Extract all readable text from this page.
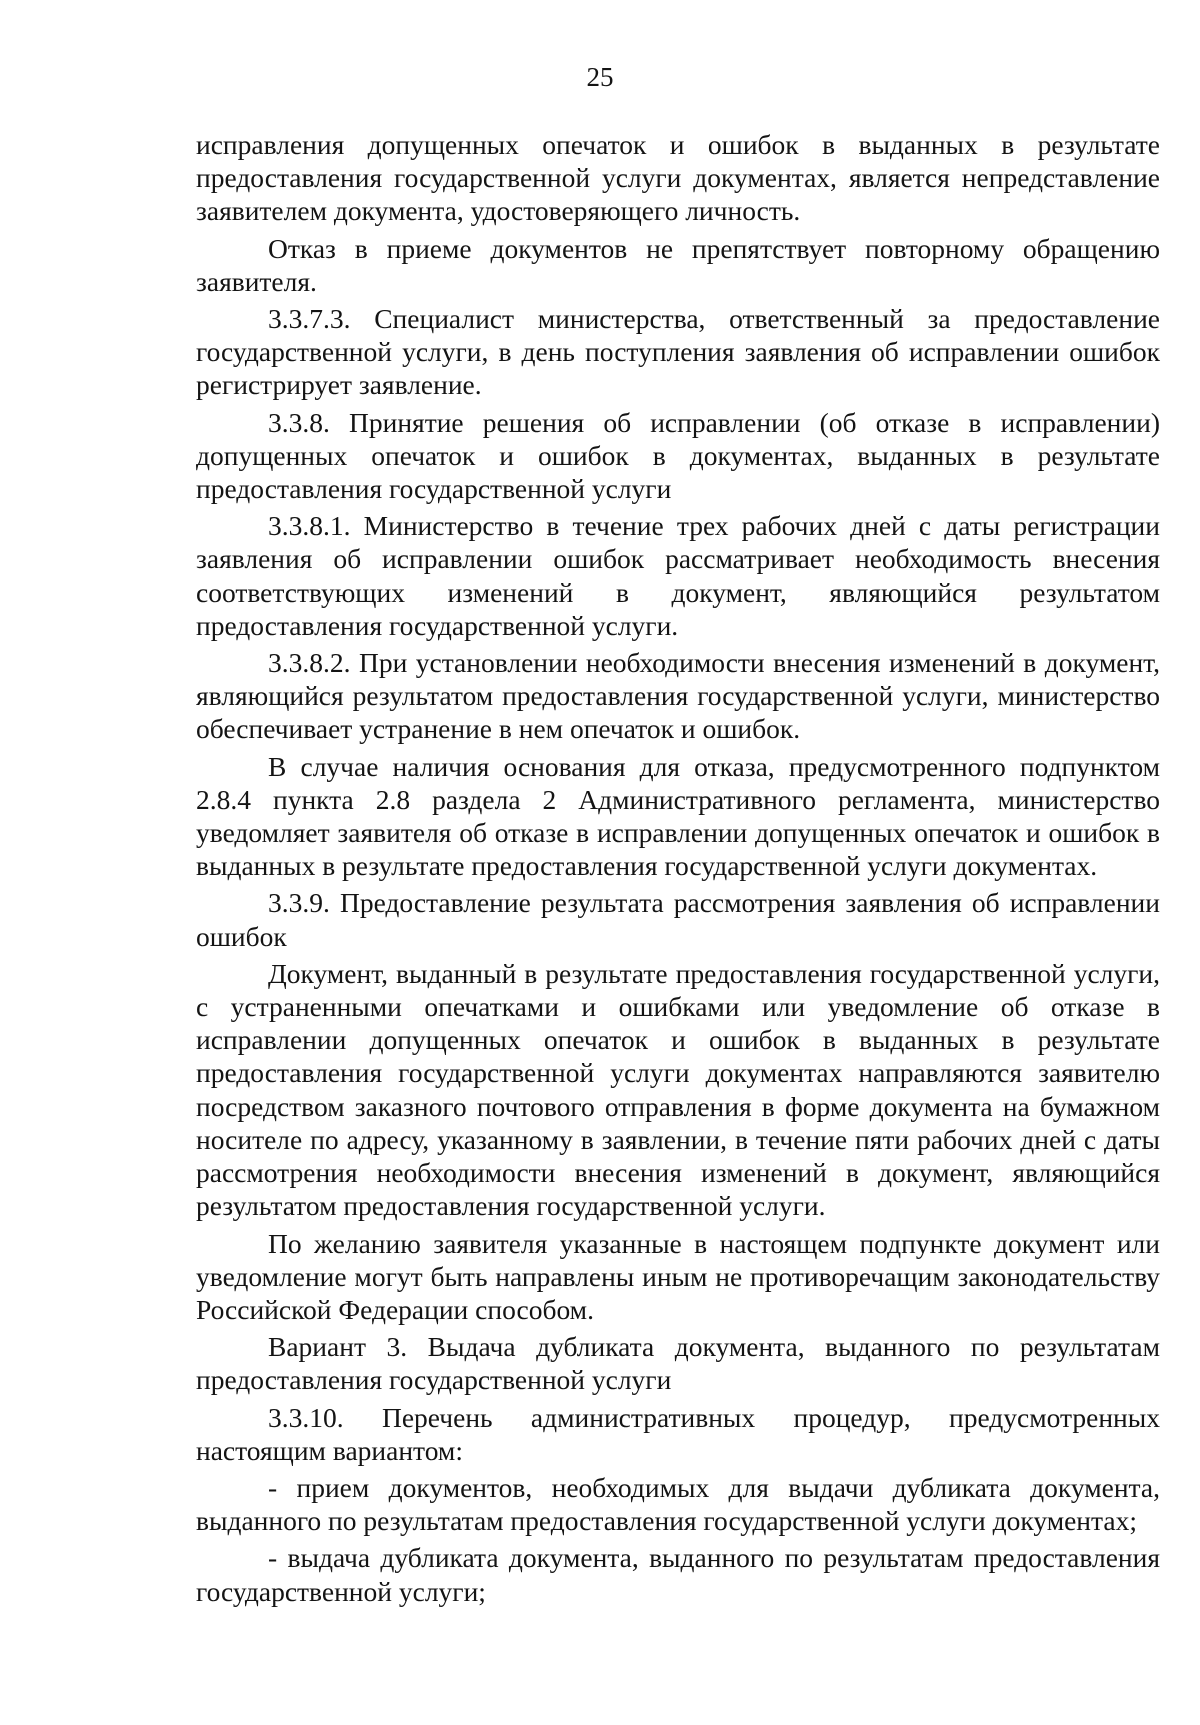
25

исправления допущенных опечаток и ошибок в выданных в результате предоставления государственной услуги документах, является непредставление заявителем документа, удостоверяющего личность.

Отказ в приеме документов не препятствует повторному обращению заявителя.

3.3.7.3. Специалист министерства, ответственный за предоставление государственной услуги, в день поступления заявления об исправлении ошибок регистрирует заявление.

3.3.8. Принятие решения об исправлении (об отказе в исправлении) допущенных опечаток и ошибок в документах, выданных в результате предоставления государственной услуги

3.3.8.1. Министерство в течение трех рабочих дней с даты регистрации заявления об исправлении ошибок рассматривает необходимость внесения соответствующих изменений в документ, являющийся результатом предоставления государственной услуги.

3.3.8.2. При установлении необходимости внесения изменений в документ, являющийся результатом предоставления государственной услуги, министерство обеспечивает устранение в нем опечаток и ошибок.

В случае наличия основания для отказа, предусмотренного подпунктом 2.8.4 пункта 2.8 раздела 2 Административного регламента, министерство уведомляет заявителя об отказе в исправлении допущенных опечаток и ошибок в выданных в результате предоставления государственной услуги документах.

3.3.9. Предоставление результата рассмотрения заявления об исправлении ошибок

Документ, выданный в результате предоставления государственной услуги, с устраненными опечатками и ошибками или уведомление об отказе в исправлении допущенных опечаток и ошибок в выданных в результате предоставления государственной услуги документах направляются заявителю посредством заказного почтового отправления в форме документа на бумажном носителе по адресу, указанному в заявлении, в течение пяти рабочих дней с даты рассмотрения необходимости внесения изменений в документ, являющийся результатом предоставления государственной услуги.

По желанию заявителя указанные в настоящем подпункте документ или уведомление могут быть направлены иным не противоречащим законодательству Российской Федерации способом.

Вариант 3. Выдача дубликата документа, выданного по результатам предоставления государственной услуги

3.3.10. Перечень административных процедур, предусмотренных настоящим вариантом:

- прием документов, необходимых для выдачи дубликата документа, выданного по результатам предоставления государственной услуги документах;

- выдача дубликата документа, выданного по результатам предоставления государственной услуги;
